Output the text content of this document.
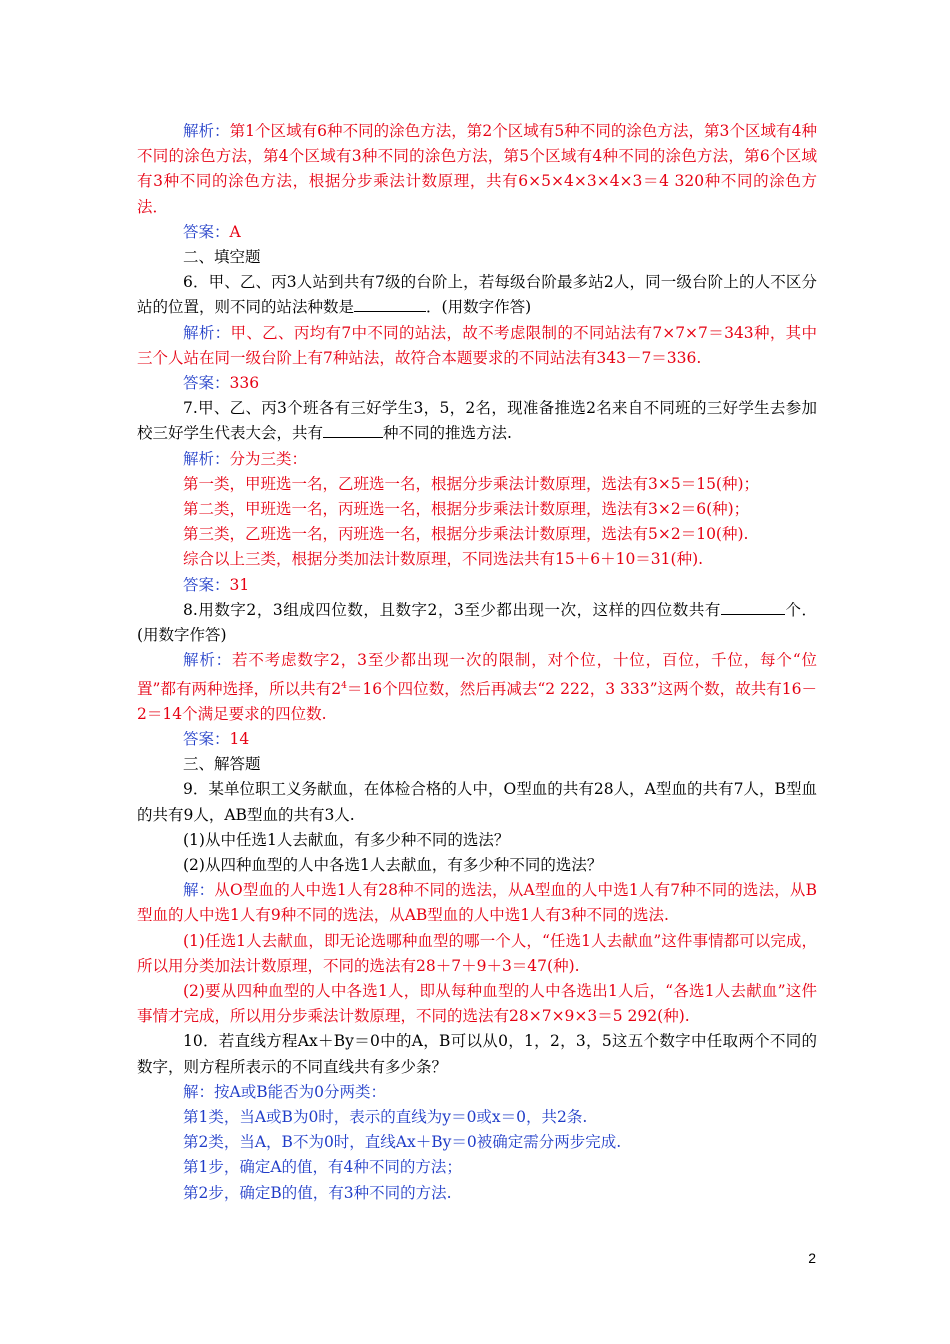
解析：第1个区域有6种不同的涂色方法，第2个区域有5种不同的涂色方法，第3个区域有4种不同的涂色方法，第4个区域有3种不同的涂色方法，第5个区域有4种不同的涂色方法，第6个区域有3种不同的涂色方法，根据分步乘法计数原理，共有6×5×4×3×4×3＝4 320种不同的涂色方法．

答案：A

二、填空题

6．甲、乙、丙3人站到共有7级的台阶上，若每级台阶最多站2人，同一级台阶上的人不区分站的位置，则不同的站法种数是	．(用数字作答)

解析：甲、乙、丙均有7中不同的站法，故不考虑限制的不同站法有7×7×7＝343种，其中三个人站在同一级台阶上有7种站法，故符合本题要求的不同站法有343－7＝336.

答案：336

7.甲、乙、丙3个班各有三好学生3，5，2名，现准备推选2名来自不同班的三好学生去参加校三好学生代表大会，共有	种不同的推选方法.

解析：分为三类：

第一类，甲班选一名，乙班选一名，根据分步乘法计数原理，选法有3×5＝15(种)；

第二类，甲班选一名，丙班选一名，根据分步乘法计数原理，选法有3×2＝6(种)；

第三类，乙班选一名，丙班选一名，根据分步乘法计数原理，选法有5×2＝10(种).

综合以上三类，根据分类加法计数原理，不同选法共有15＋6＋10＝31(种).

答案：31

8.用数字2，3组成四位数，且数字2，3至少都出现一次，这样的四位数共有	个．(用数字作答)

解析：若不考虑数字2，3至少都出现一次的限制，对个位，十位，百位，千位，每个“位置”都有两种选择，所以共有$2^4=16$个四位数，然后再减去“2 222，3 333”这两个数，故共有16－2＝14个满足要求的四位数.

答案：14

三、解答题

9．某单位职工义务献血，在体检合格的人中，O型血的共有28人，A型血的共有7人，B型血的共有9人，AB型血的共有3人.

(1)从中任选1人去献血，有多少种不同的选法？

(2)从四种血型的人中各选1人去献血，有多少种不同的选法？

解：从O型血的人中选1人有28种不同的选法，从A型血的人中选1人有7种不同的选法，从B型血的人中选1人有9种不同的选法，从AB型血的人中选1人有3种不同的选法.

(1)任选1人去献血，即无论选哪种血型的哪一个人，“任选1人去献血”这件事情都可以完成，所以用分类加法计数原理，不同的选法有28＋7＋9＋3＝47(种).

(2)要从四种血型的人中各选1人，即从每种血型的人中各选出1人后，“各选1人去献血”这件事情才完成，所以用分步乘法计数原理，不同的选法有28×7×9×3＝5 292(种).

10．若直线方程Ax＋By＝0中的A，B可以从0，1，2，3，5这五个数字中任取两个不同的数字，则方程所表示的不同直线共有多少条？

解：按A或B能否为0分两类：

第1类，当A或B为0时，表示的直线为y＝0或x＝0，共2条.

第2类，当A，B不为0时，直线Ax＋By＝0被确定需分两步完成.

第1步，确定A的值，有4种不同的方法；

第2步，确定B的值，有3种不同的方法.

2
